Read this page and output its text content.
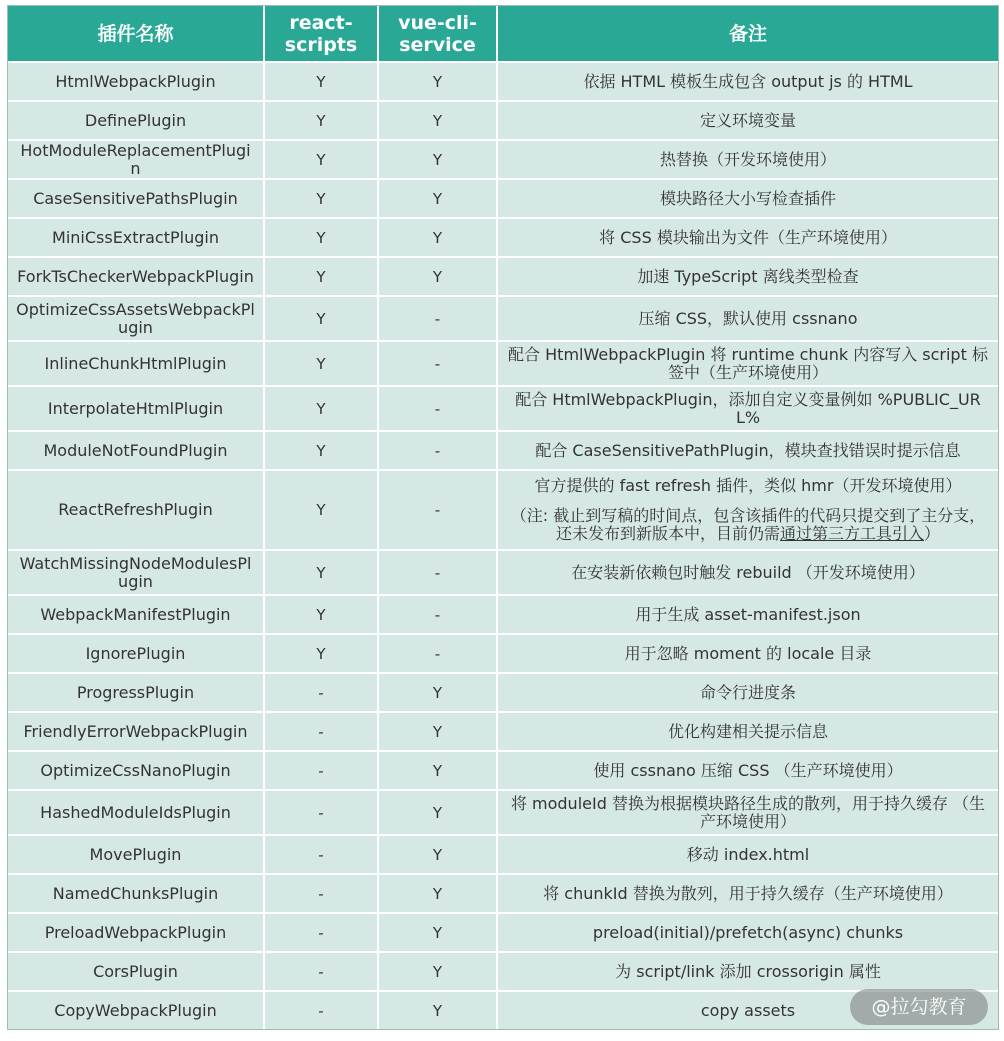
插件名称	react-scripts	vue-cli-service	备注
HtmlWebpackPlugin	Y	Y	依据 HTML 模板生成包含 output js 的 HTML
DefinePlugin	Y	Y	定义环境变量
HotModuleReplacementPlugin	Y	Y	热替换（开发环境使用）
CaseSensitivePathsPlugin	Y	Y	模块路径大小写检查插件
MiniCssExtractPlugin	Y	Y	将 CSS 模块输出为文件（生产环境使用）
ForkTsCheckerWebpackPlugin	Y	Y	加速 TypeScript 离线类型检查
OptimizeCssAssetsWebpackPlugin	Y	-	压缩 CSS，默认使用 cssnano
InlineChunkHtmlPlugin	Y	-	配合 HtmlWebpackPlugin 将 runtime chunk 内容写入 script 标签中（生产环境使用）
InterpolateHtmlPlugin	Y	-	配合 HtmlWebpackPlugin，添加自定义变量例如 %PUBLIC_URL%
ModuleNotFoundPlugin	Y	-	配合 CaseSensitivePathPlugin，模块查找错误时提示信息
ReactRefreshPlugin	Y	-	官方提供的 fast refresh 插件，类似 hmr（开发环境使用）
（注: 截止到写稿的时间点，包含该插件的代码只提交到了主分支，还未发布到新版本中，目前仍需通过第三方工具引入）
WatchMissingNodeModulesPlugin	Y	-	在安装新依赖包时触发 rebuild （开发环境使用）
WebpackManifestPlugin	Y	-	用于生成 asset-manifest.json
IgnorePlugin	Y	-	用于忽略 moment 的 locale 目录
ProgressPlugin	-	Y	命令行进度条
FriendlyErrorWebpackPlugin	-	Y	优化构建相关提示信息
OptimizeCssNanoPlugin	-	Y	使用 cssnano 压缩 CSS （生产环境使用）
HashedModuleIdsPlugin	-	Y	将 moduleId 替换为根据模块路径生成的散列，用于持久缓存 （生产环境使用）
MovePlugin	-	Y	移动 index.html
NamedChunksPlugin	-	Y	将 chunkId 替换为散列，用于持久缓存（生产环境使用）
PreloadWebpackPlugin	-	Y	preload(initial)/prefetch(async) chunks
CorsPlugin	-	Y	为 script/link 添加 crossorigin 属性
CopyWebpackPlugin	-	Y	copy assets	@拉勾教育
